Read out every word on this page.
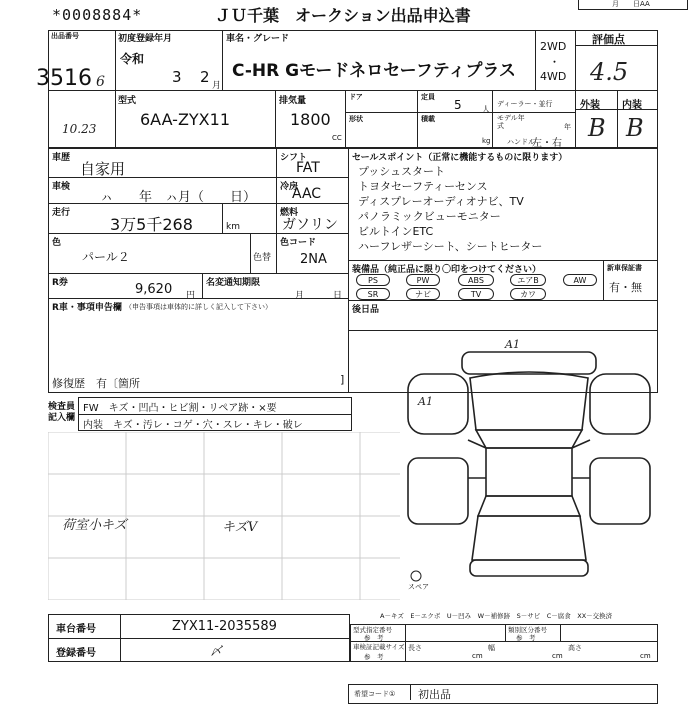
*0008884*	ＪＵ千葉　オークション出品申込書
月　　日AA
出品番号
3516 6
10.23
初度登録年月
令和
3 2 月
車名・グレード
C-HR Gモードネロセーフティプラス
2WD
・
4WD
評価点
4.5
外装 内装
B B
型式
6AA-ZYX11
排気量
1800
CC
ドア	定員
5	人
ディーラー・並行
形状	積載
kg
モデル年式	年
ハンドル
左・右
車歴
自家用
車検
ㇵ　　年　ㇵ月（　　日）
走行
3万5千268	km
シフト
FAT
冷房
AAC
燃料
ガソリン
色
パール２	色替
色コード
2NA
R券	9,620 円
名変通知期限
月	日
R車・事項申告欄 （申告事項は車体的に詳しく記入して下さい）
修復歴　有〔箇所	]
セールスポイント（正常に機能するものに限ります）
プッシュスタート
トヨタセーフティーセンス
ディスプレーオーディオナビ、TV
パノラミックビューモニター
ビルトインETC
ハーフレザーシート、シートヒーター
装備品（純正品に限り〇印をつけてください）	新車保証書
有・無
PS	PW	ABS	エアB	AW
SR	ナビ	TV	カワ
後日品
検査員記入欄
FW　キズ・凹凸・ヒビ割・リペア跡・×要
内装　キズ・汚レ・コゲ・穴・スレ・キレ・破レ
荷室小キズ	キズV
A1
A1
スペア
A－キズ　E－エクボ　U－凹み　W－補修跡　S－サビ　C－腐食　XX－交換済
車台番号	ZYX11-2035589
登録番号	〆
型式指定番号
参　考
類別区分番号
参　考
車検証記載サイズ
参　考
長さ	幅	高さ
cm	cm	cm
希望コード① 初出品
